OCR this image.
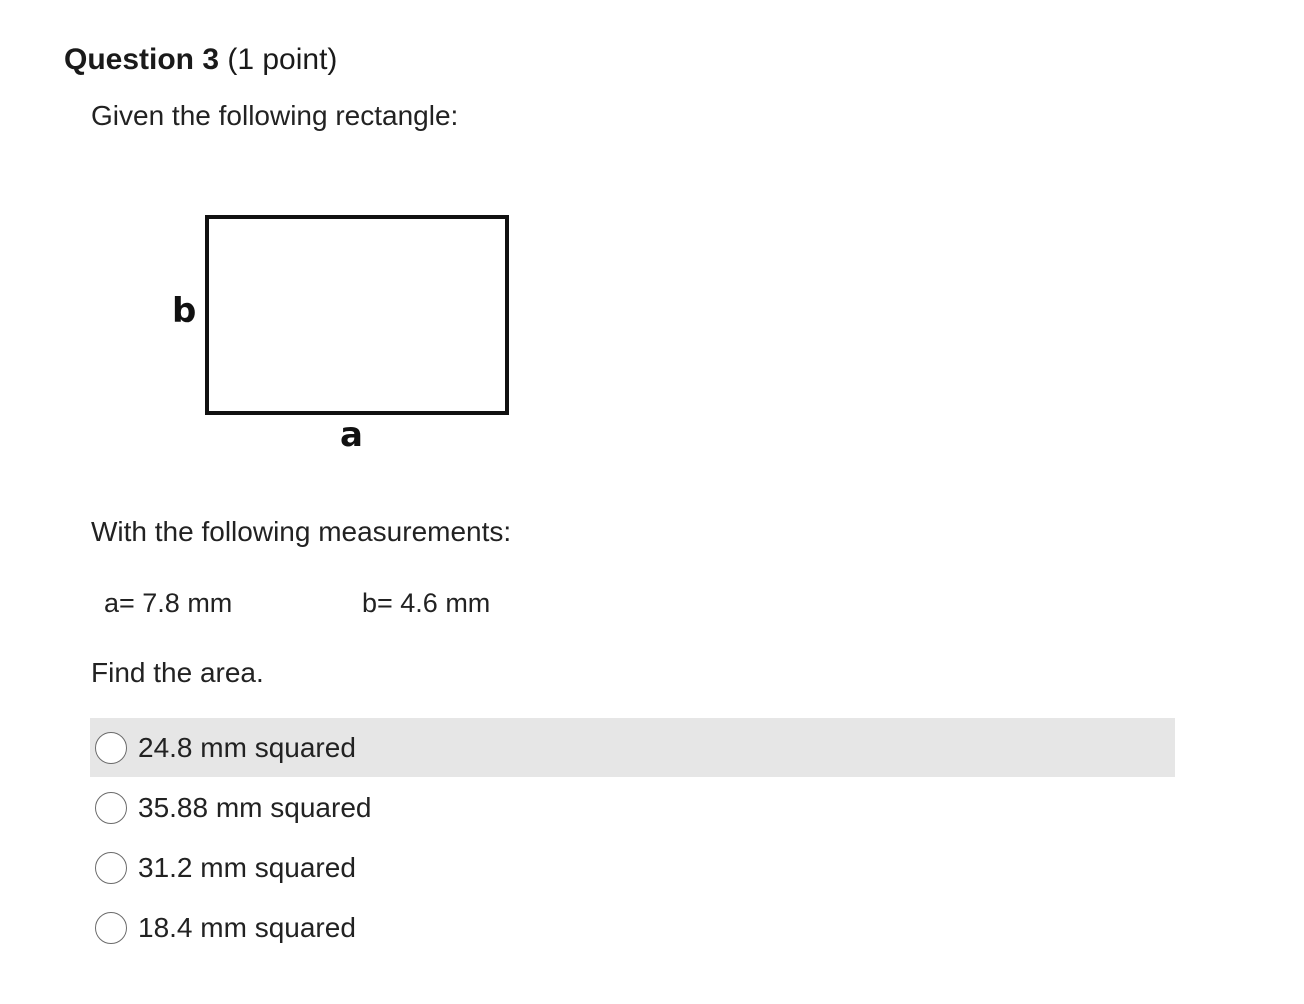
Question 3 (1 point)
Given the following rectangle:
b
a
With the following measurements:
a= 7.8 mm	b= 4.6 mm
Find the area.
24.8 mm squared
35.88 mm squared
31.2 mm squared
18.4 mm squared
